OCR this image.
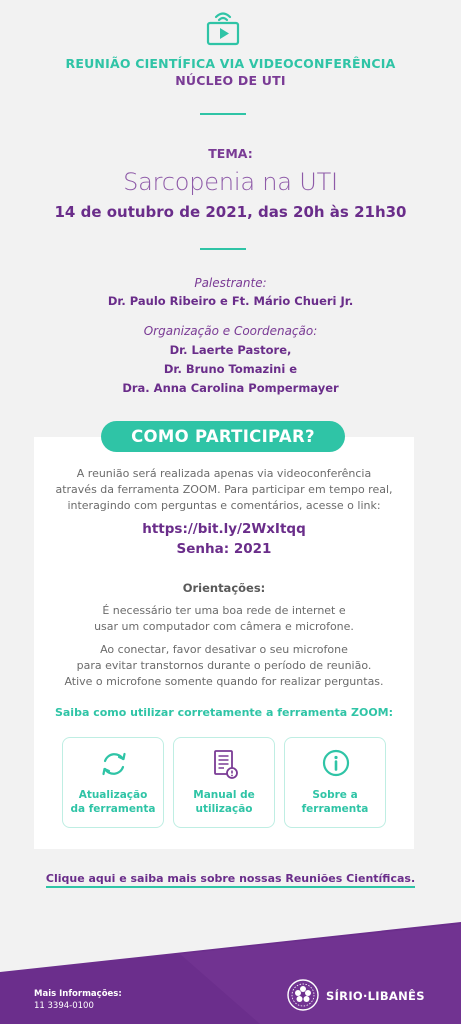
REUNIÃO CIENTÍFICA VIA VIDEOCONFERÊNCIA
NÚCLEO DE UTI
TEMA:
Sarcopenia na UTI
14 de outubro de 2021, das 20h às 21h30
Palestrante:
Dr. Paulo Ribeiro e Ft. Mário Chueri Jr.
Organização e Coordenação:
Dr. Laerte Pastore,
Dr. Bruno Tomazini e
Dra. Anna Carolina Pompermayer
COMO PARTICIPAR?
A reunião será realizada apenas via videoconferência
através da ferramenta ZOOM. Para participar em tempo real,
interagindo com perguntas e comentários, acesse o link:
https://bit.ly/2WxItqq
Senha: 2021
Orientações:
É necessário ter uma boa rede de internet e
usar um computador com câmera e microfone.
Ao conectar, favor desativar o seu microfone
para evitar transtornos durante o período de reunião.
Ative o microfone somente quando for realizar perguntas.
Saiba como utilizar corretamente a ferramenta ZOOM:
Atualização
da ferramenta
Manual de
utilização
Sobre a
ferramenta
Clique aqui e saiba mais sobre nossas Reuniões Científicas.
Mais Informações:
11 3394-0100
SÍRIO·LIBANÊS
